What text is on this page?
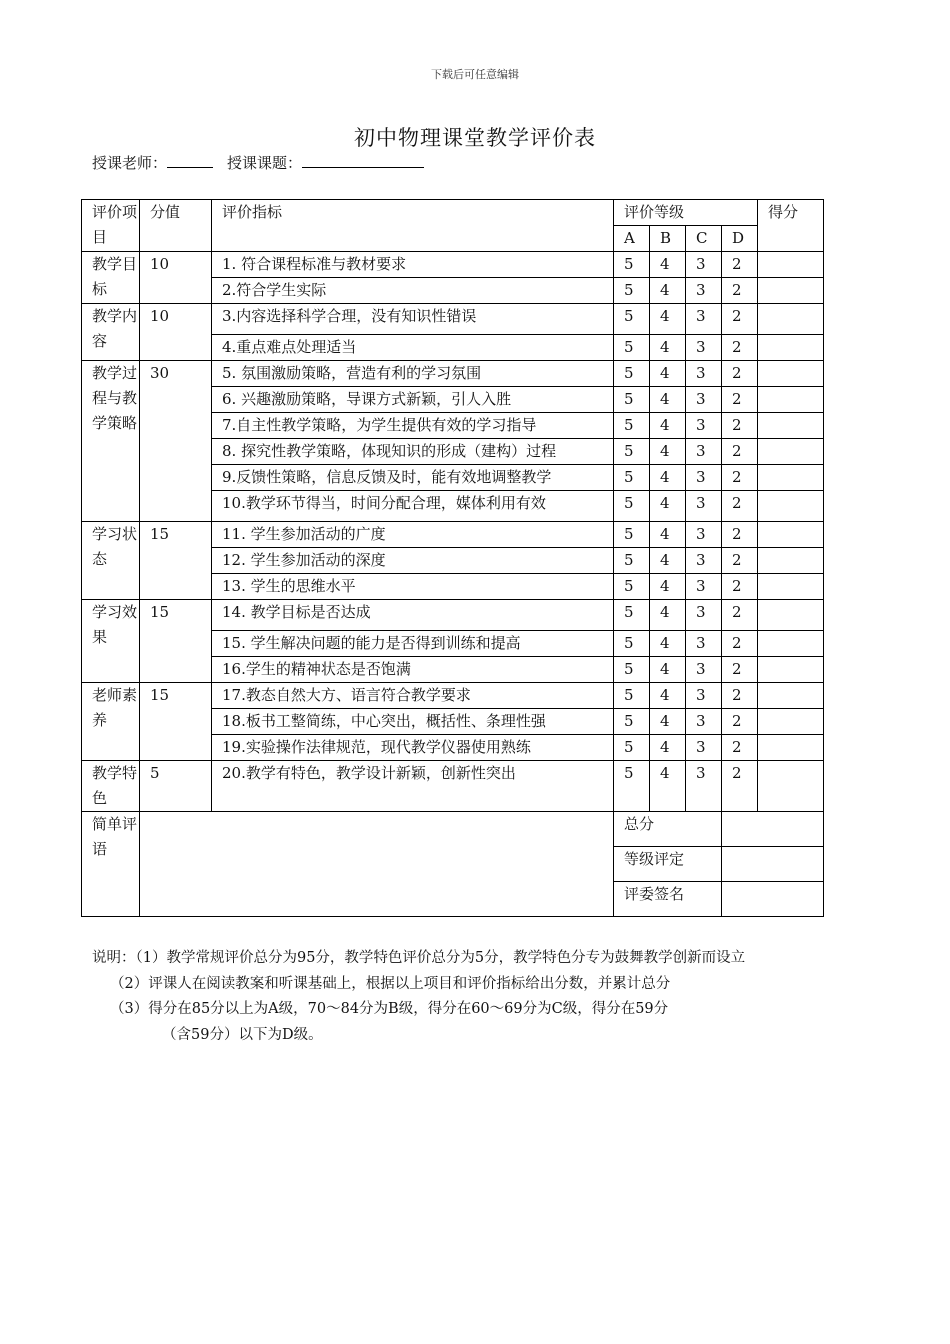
下载后可任意编辑
初中物理课堂教学评价表
授课老师：	授课课题：
评价项目	分值	评价指标	评价等级				得分
			A	B	C	D	
教学目标	10	1. 符合课程标准与教材要求	5	4	3	2	
		2.符合学生实际	5	4	3	2	
教学内容	10	3.内容选择科学合理，没有知识性错误	5	4	3	2	
		4.重点难点处理适当	5	4	3	2	
教学过程与教学策略	30	5. 氛围激励策略，营造有利的学习氛围	5	4	3	2	
		6. 兴趣激励策略，导课方式新颖，引人入胜	5	4	3	2	
		7.自主性教学策略，为学生提供有效的学习指导	5	4	3	2	
		8. 探究性教学策略，体现知识的形成（建构）过程	5	4	3	2	
		9.反馈性策略，信息反馈及时，能有效地调整教学	5	4	3	2	
		10.教学环节得当，时间分配合理，媒体利用有效	5	4	3	2	
学习状态	15	11. 学生参加活动的广度	5	4	3	2	
		12. 学生参加活动的深度	5	4	3	2	
		13. 学生的思维水平	5	4	3	2	
学习效果	15	14. 教学目标是否达成	5	4	3	2	
		15. 学生解决问题的能力是否得到训练和提高	5	4	3	2	
		16.学生的精神状态是否饱满	5	4	3	2	
老师素养	15	17.教态自然大方、语言符合教学要求	5	4	3	2	
		18.板书工整简练，中心突出，概括性、条理性强	5	4	3	2	
		19.实验操作法律规范，现代教学仪器使用熟练	5	4	3	2	
教学特色	5	20.教学有特色，教学设计新颖，创新性突出	5	4	3	2	
简单评语			总分				
			等级评定				
			评委签名				
说明：（1）教学常规评价总分为95分，教学特色评价总分为5分，教学特色分专为鼓舞教学创新而设立
（2）评课人在阅读教案和听课基础上，根据以上项目和评价指标给出分数，并累计总分
（3）得分在85分以上为A级，70～84分为B级，得分在60～69分为C级，得分在59分
（含59分）以下为D级。
